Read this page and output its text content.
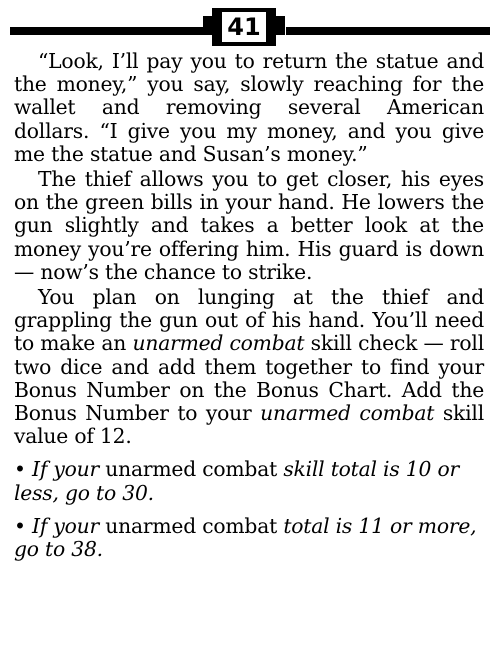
41

“Look, I’ll pay you to return the statue and the money,” you say, slowly reaching for the wallet and removing several American dollars. “I give you my money, and you give me the statue and Susan’s money.”

The thief allows you to get closer, his eyes on the green bills in your hand. He lowers the gun slightly and takes a better look at the money you’re offering him. His guard is down — now’s the chance to strike.

You plan on lunging at the thief and grappling the gun out of his hand. You’ll need to make an unarmed combat skill check — roll two dice and add them together to find your Bonus Number on the Bonus Chart. Add the Bonus Number to your unarmed combat skill value of 12.

• If your unarmed combat skill total is 10 or less, go to 30.

• If your unarmed combat total is 11 or more, go to 38.
